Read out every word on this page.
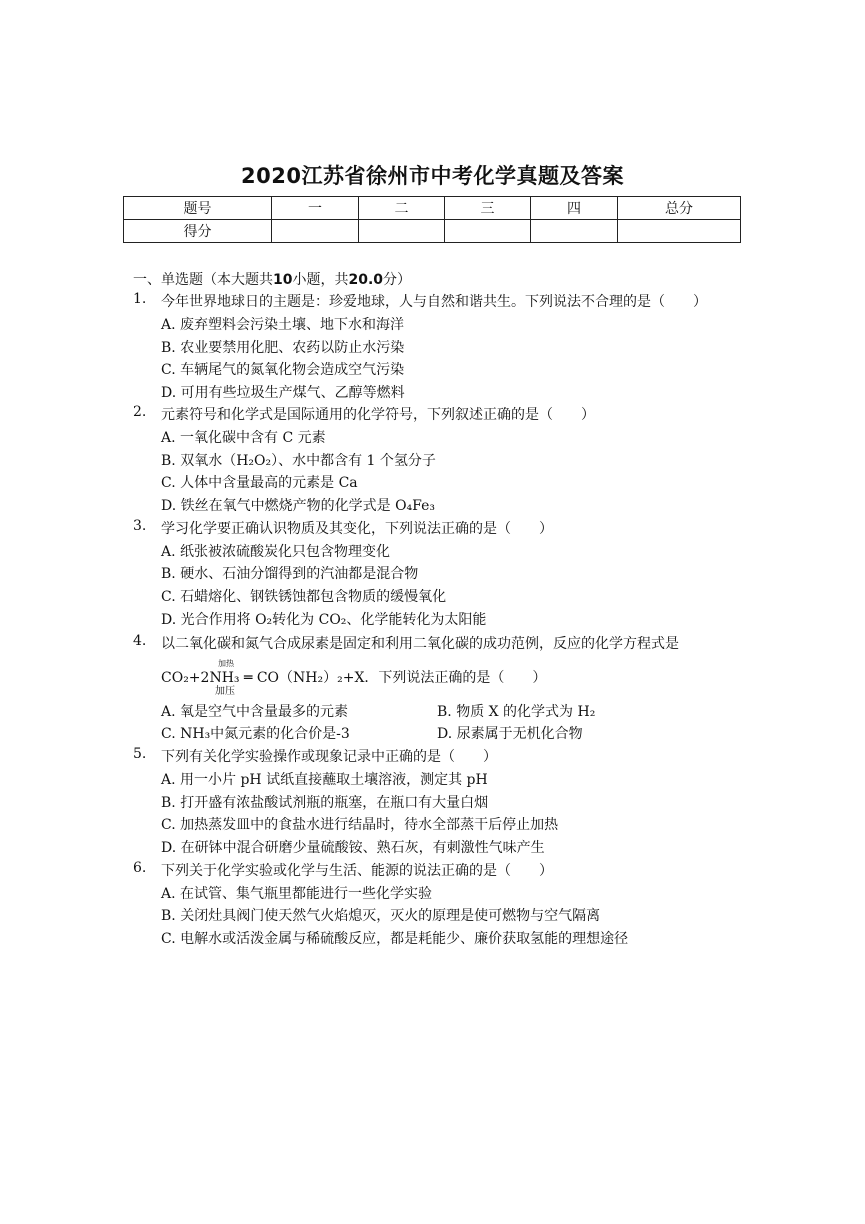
2020江苏省徐州市中考化学真题及答案
题号	一	二	三	四	总分
得分					
一、单选题（本大题共10小题，共20.0分）
1. 今年世界地球日的主题是：珍爱地球，人与自然和谐共生。下列说法不合理的是（　　）
A. 废弃塑料会污染土壤、地下水和海洋
B. 农业要禁用化肥、农药以防止水污染
C. 车辆尾气的氮氧化物会造成空气污染
D. 可用有些垃圾生产煤气、乙醇等燃料
2. 元素符号和化学式是国际通用的化学符号，下列叙述正确的是（　　）
A. 一氧化碳中含有 C 元素
B. 双氧水（H₂O₂）、水中都含有 1 个氢分子
C. 人体中含量最高的元素是 Ca
D. 铁丝在氧气中燃烧产物的化学式是 O₄Fe₃
3. 学习化学要正确认识物质及其变化，下列说法正确的是（　　）
A. 纸张被浓硫酸炭化只包含物理变化
B. 硬水、石油分馏得到的汽油都是混合物
C. 石蜡熔化、钢铁锈蚀都包含物质的缓慢氧化
D. 光合作用将 O₂转化为 CO₂、化学能转化为太阳能
4. 以二氧化碳和氮气合成尿素是固定和利用二氧化碳的成功范例，反应的化学方程式是
CO₂+2NH₃ ═ CO（NH₂）₂+X．下列说法正确的是（　　）
加热
加压
A. 氧是空气中含量最多的元素	B. 物质 X 的化学式为 H₂
C. NH₃中氮元素的化合价是-3	D. 尿素属于无机化合物
5. 下列有关化学实验操作或现象记录中正确的是（　　）
A. 用一小片 pH 试纸直接蘸取土壤溶液，测定其 pH
B. 打开盛有浓盐酸试剂瓶的瓶塞，在瓶口有大量白烟
C. 加热蒸发皿中的食盐水进行结晶时，待水全部蒸干后停止加热
D. 在研钵中混合研磨少量硫酸铵、熟石灰，有刺激性气味产生
6. 下列关于化学实验或化学与生活、能源的说法正确的是（　　）
A. 在试管、集气瓶里都能进行一些化学实验
B. 关闭灶具阀门使天然气火焰熄灭，灭火的原理是使可燃物与空气隔离
C. 电解水或活泼金属与稀硫酸反应，都是耗能少、廉价获取氢能的理想途径
